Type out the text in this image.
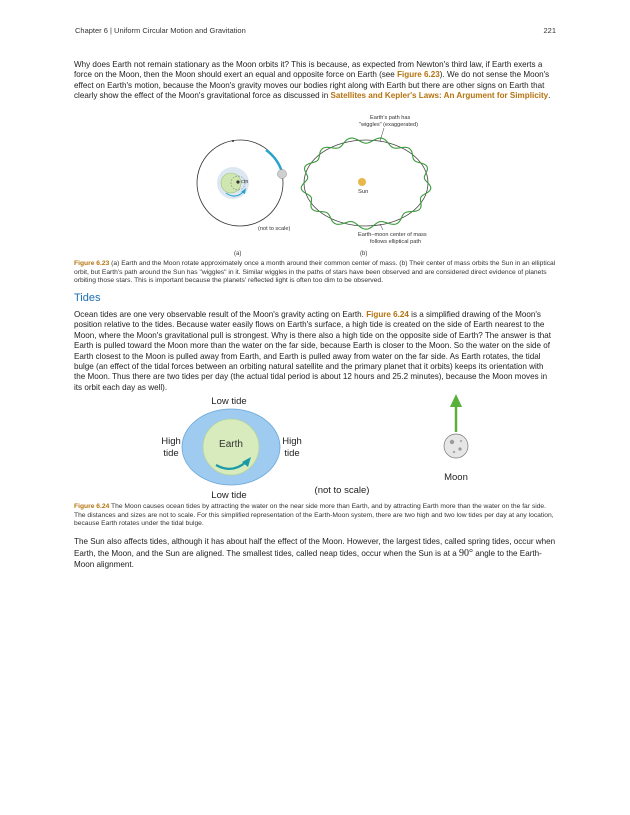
Chapter 6 | Uniform Circular Motion and Gravitation	221

Why does Earth not remain stationary as the Moon orbits it? This is because, as expected from Newton's third law, if Earth exerts a force on the Moon, then the Moon should exert an equal and opposite force on Earth (see Figure 6.23). We do not sense the Moon's effect on Earth's motion, because the Moon's gravity moves our bodies right along with Earth but there are other signs on Earth that clearly show the effect of the Moon's gravitational force as discussed in Satellites and Kepler's Laws: An Argument for Simplicity.

cm
(not to scale)
(a)
Sun
Earth's path has
"wiggles" (exaggerated)
Earth–moon center of mass
follows elliptical path
(b)
Earth
Low tide
Low tide
High
tide
High
tide
(not to scale)
Moon

Figure 6.23 (a) Earth and the Moon rotate approximately once a month around their common center of mass. (b) Their center of mass orbits the Sun in an elliptical orbit, but Earth's path around the Sun has "wiggles" in it. Similar wiggles in the paths of stars have been observed and are considered direct evidence of planets orbiting those stars. This is important because the planets' reflected light is often too dim to be observed.

Tides

Ocean tides are one very observable result of the Moon's gravity acting on Earth. Figure 6.24 is a simplified drawing of the Moon's position relative to the tides. Because water easily flows on Earth's surface, a high tide is created on the side of Earth nearest to the Moon, where the Moon's gravitational pull is strongest. Why is there also a high tide on the opposite side of Earth? The answer is that Earth is pulled toward the Moon more than the water on the far side, because Earth is closer to the Moon. So the water on the side of Earth closest to the Moon is pulled away from Earth, and Earth is pulled away from water on the far side. As Earth rotates, the tidal bulge (an effect of the tidal forces between an orbiting natural satellite and the primary planet that it orbits) keeps its orientation with the Moon. Thus there are two tides per day (the actual tidal period is about 12 hours and 25.2 minutes), because the Moon moves in its orbit each day as well).

Figure 6.24 The Moon causes ocean tides by attracting the water on the near side more than Earth, and by attracting Earth more than the water on the far side. The distances and sizes are not to scale. For this simplified representation of the Earth-Moon system, there are two high and two low tides per day at any location, because Earth rotates under the tidal bulge.

The Sun also affects tides, although it has about half the effect of the Moon. However, the largest tides, called spring tides, occur when Earth, the Moon, and the Sun are aligned. The smallest tides, called neap tides, occur when the Sun is at a 90° angle to the Earth-Moon alignment.
